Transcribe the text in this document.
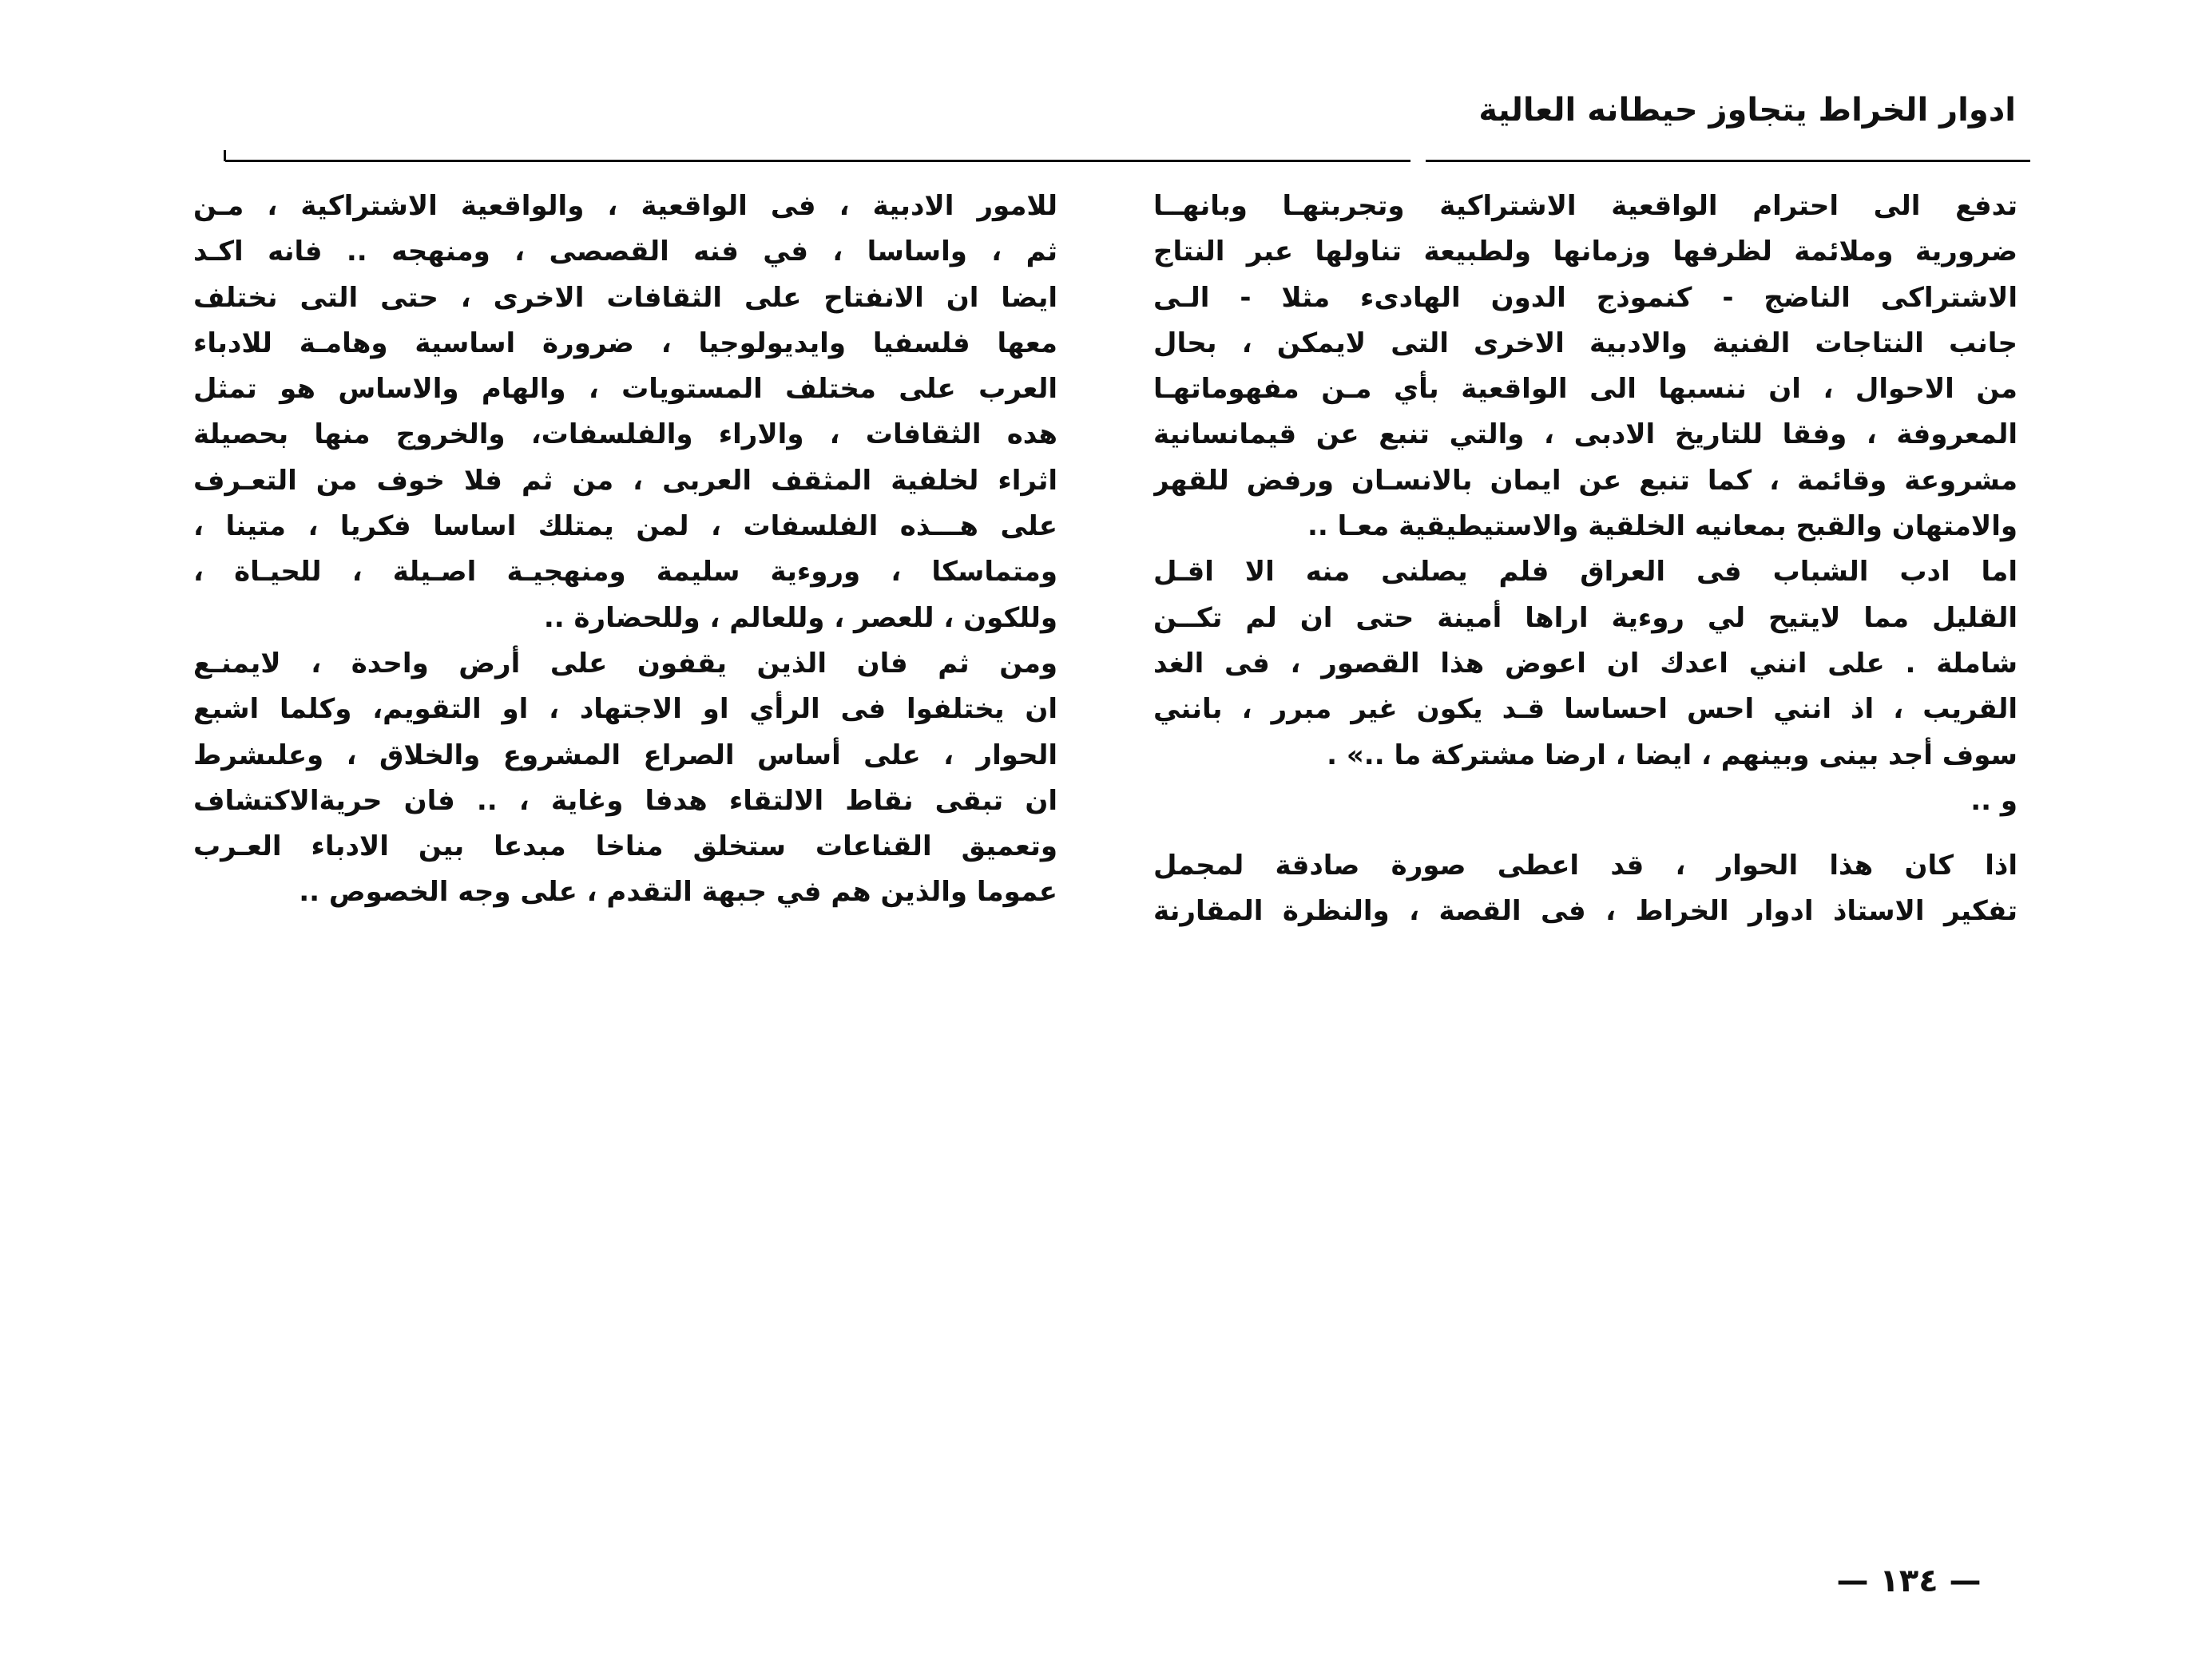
ادوار الخراط يتجاوز حيطانه العالية
تدفع الى احترام الواقعية الاشتراكية وتجربتهـا وبانهــا
ضرورية وملائمة لظرفها وزمانها ولطبيعة تناولها عبر النتاج
الاشتراكى الناضج - كنموذج الدون الهادىء مثلا - الـى
جانب النتاجات الفنية والادبية الاخرى التى لايمكن ، بحال
من الاحوال ، ان ننسبها الى الواقعية بأي مـن مفهوماتهـا
المعروفة ، وفقا للتاريخ الادبى ، والتي تنبع عن قيمانسانية
مشروعة وقائمة ، كما تنبع عن ايمان بالانسـان ورفض للقهر
والامتهان والقبح بمعانيه الخلقية والاستيطيقية معـا ..
اما ادب الشباب فى العراق فلم يصلنى منه الا اقـل
القليل مما لايتيح لي روءية اراها أمينة حتى ان لم تكــن
شاملة . على انني اعدك ان اعوض هذا القصور ، فى الغد
القريب ، اذ انني احس احساسا قـد يكون غير مبرر ، بانني
سوف أجد بينى وبينهم ، ايضا ، ارضا مشتركة ما ..» .
و ..
اذا كان هذا الحوار ، قد اعطى صورة صادقة لمجمل
تفكير الاستاذ ادوار الخراط ، فى القصة ، والنظرة المقارنة
للامور الادبية ، فى الواقعية ، والواقعية الاشتراكية ، مـن
ثم ، واساسا ، في فنه القصصى ، ومنهجه .. فانه اكـد
ايضا ان الانفتاح على الثقافات الاخرى ، حتى التى نختلف
معها فلسفيا وايديولوجيا ، ضرورة اساسية وهامـة للادباء
العرب على مختلف المستويات ، والهام والاساس هو تمثل
هده الثقافات ، والاراء والفلسفات، والخروج منها بحصيلة
اثراء لخلفية المثقف العربى ، من ثم فلا خوف من التعـرف
على هـــذه الفلسفات ، لمن يمتلك اساسا فكريا ، متينا ،
ومتماسكا ، وروءية سليمة ومنهجيـة اصـيلة ، للحيـاة ،
وللكون ، للعصر ، وللعالم ، وللحضارة ..
ومن ثم فان الذين يقفون على أرض واحدة ، لايمنـع
ان يختلفوا فى الرأي او الاجتهاد ، او التقويم، وكلما اشبع
الحوار ، على أساس الصراع المشروع والخلاق ، وعلىشرط
ان تبقى نقاط الالتقاء هدفا وغاية ، .. فان حريةالاكتشاف
وتعميق القناعات ستخلق مناخا مبدعا بين الادباء العـرب
عموما والذين هم في جبهة التقدم ، على وجه الخصوص ..
— ١٣٤ —
